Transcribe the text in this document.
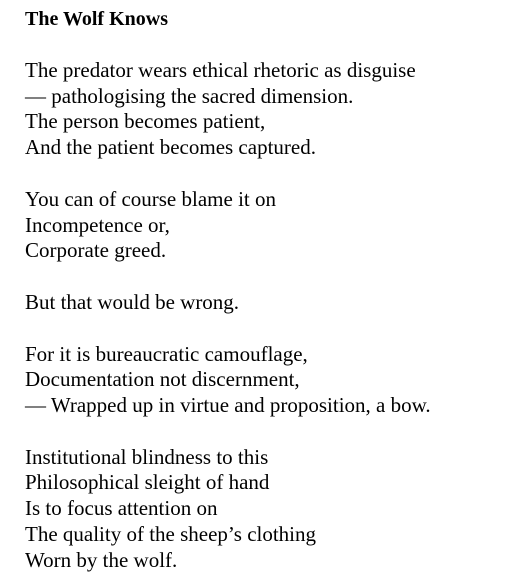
The Wolf Knows
The predator wears ethical rhetoric as disguise
— pathologising the sacred dimension.
The person becomes patient,
And the patient becomes captured.
You can of course blame it on
Incompetence or,
Corporate greed.
But that would be wrong.
For it is bureaucratic camouflage,
Documentation not discernment,
— Wrapped up in virtue and proposition, a bow.
Institutional blindness to this
Philosophical sleight of hand
Is to focus attention on
The quality of the sheep’s clothing
Worn by the wolf.
